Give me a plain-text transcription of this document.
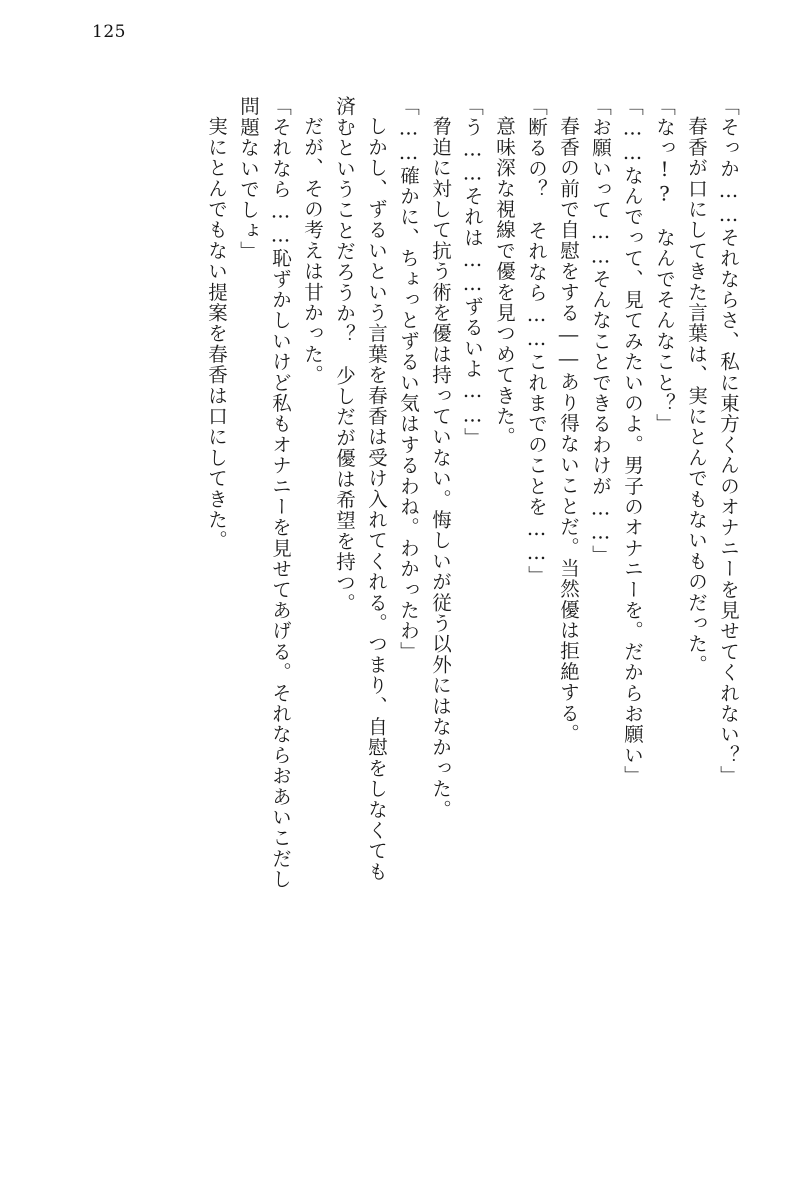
125

「そっか……それならさ、私に東方くんのオナニーを見せてくれない？」

春香が口にしてきた言葉は、実にとんでもないものだった。

「なっ!?　なんでそんなこと？」

「……なんでって、見てみたいのよ。男子のオナニーを。だからお願い」

「お願いって……そんなことできるわけが……」

春香の前で自慰をする――あり得ないことだ。当然優は拒絶する。

「断るの？　それなら……これまでのことを……」

意味深な視線で優を見つめてきた。

「う……それは……ずるいよ……」

脅迫に対して抗う術を優は持っていない。悔しいが従う以外にはなかった。

「……確かに、ちょっとずるい気はするわね。わかったわ」

しかし、ずるいという言葉を春香は受け入れてくれる。つまり、自慰をしなくても

済むということだろうか？　少しだが優は希望を持つ。

だが、その考えは甘かった。

「それなら……恥ずかしいけど私もオナニーを見せてあげる。それならおあいこだし

問題ないでしょ」

実にとんでもない提案を春香は口にしてきた。
